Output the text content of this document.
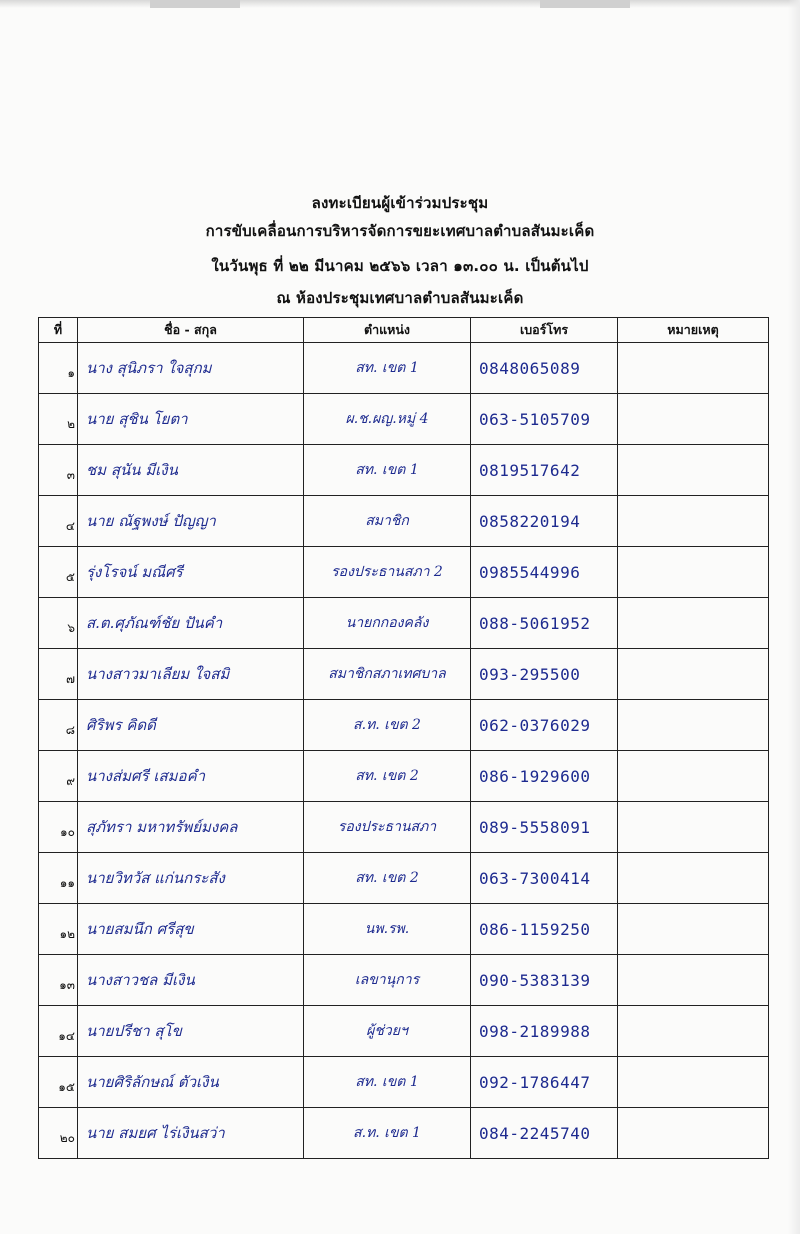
ลงทะเบียนผู้เข้าร่วมประชุม
การขับเคลื่อนการบริหารจัดการขยะเทศบาลตำบลสันมะเค็ด
ในวันพุธ ที่ ๒๒ มีนาคม ๒๕๖๖ เวลา ๑๓.๐๐ น. เป็นต้นไป
ณ ห้องประชุมเทศบาลตำบลสันมะเค็ด
ที่	ชื่อ - สกุล	ตำแหน่ง	เบอร์โทร	หมายเหตุ
๑	นาง สุนิภรา ใจสุกม	สท. เขต 1	0848065089	

๒	นาย สุชิน โยตา	ผ.ช.ผญ.หมู่ 4	063-5105709	

๓	ชม สุนัน มีเงิน	สท. เขต 1	0819517642	

๔	นาย ณัฐพงษ์ ปัญญา	สมาชิก	0858220194	

๕	รุ่งโรจน์ มณีศรี	รองประธานสภา 2	0985544996	

๖	ส.ต.ศุภัณฑ์ชัย ปันคำ	นายกกองคลัง	088-5061952	

๗	นางสาวมาเลียม ใจสมิ	สมาชิกสภาเทศบาล	093-295500	

๘	ศิริพร คิดดี	ส.ท. เขต 2	062-0376029	

๙	นางส่มศรี เสมอคำ	สท. เขต 2	086-1929600	

๑๐	สุภัทรา มหาทรัพย์มงคล	รองประธานสภา	089-5558091	

๑๑	นายวิทวัส แก่นกระสัง	สท. เขต 2	063-7300414	

๑๒	นายสมนึก ศรีสุข	นพ.รพ.	086-1159250	

๑๓	นางสาวชล มีเงิน	เลขานุการ	090-5383139	

๑๔	นายปรีชา สุโข	ผู้ช่วยฯ	098-2189988	

๑๕	นายศิริลักษณ์ ตัวเงิน	สท. เขต 1	092-1786447	

๒๐	นาย สมยศ ไร่เงินสว่า	ส.ท. เขต 1	084-2245740	
